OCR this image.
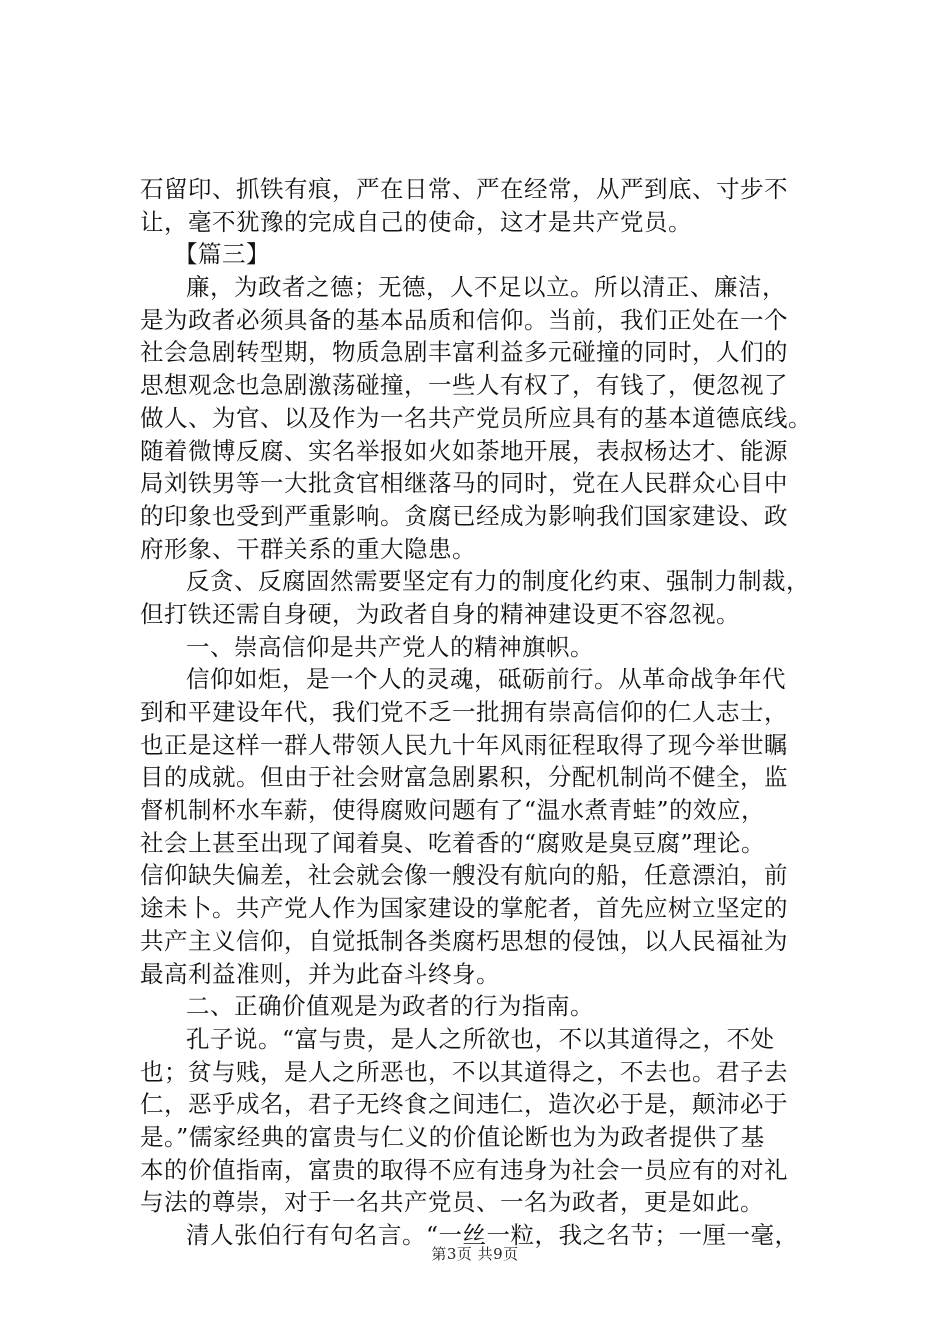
石留印、抓铁有痕，严在日常、严在经常，从严到底、寸步不
让，毫不犹豫的完成自己的使命，这才是共产党员。
【篇三】
廉，为政者之德；无德，人不足以立。所以清正、廉洁，
是为政者必须具备的基本品质和信仰。当前，我们正处在一个
社会急剧转型期，物质急剧丰富利益多元碰撞的同时，人们的
思想观念也急剧激荡碰撞，一些人有权了，有钱了，便忽视了
做人、为官、以及作为一名共产党员所应具有的基本道德底线。
随着微博反腐、实名举报如火如荼地开展，表叔杨达才、能源
局刘铁男等一大批贪官相继落马的同时，党在人民群众心目中
的印象也受到严重影响。贪腐已经成为影响我们国家建设、政
府形象、干群关系的重大隐患。
反贪、反腐固然需要坚定有力的制度化约束、强制力制裁，
但打铁还需自身硬，为政者自身的精神建设更不容忽视。
一、崇高信仰是共产党人的精神旗帜。
信仰如炬，是一个人的灵魂，砥砺前行。从革命战争年代
到和平建设年代，我们党不乏一批拥有崇高信仰的仁人志士，
也正是这样一群人带领人民九十年风雨征程取得了现今举世瞩
目的成就。但由于社会财富急剧累积，分配机制尚不健全，监
督机制杯水车薪，使得腐败问题有了“温水煮青蛙”的效应，
社会上甚至出现了闻着臭、吃着香的“腐败是臭豆腐”理论。
信仰缺失偏差，社会就会像一艘没有航向的船，任意漂泊，前
途未卜。共产党人作为国家建设的掌舵者，首先应树立坚定的
共产主义信仰，自觉抵制各类腐朽思想的侵蚀，以人民福祉为
最高利益准则，并为此奋斗终身。
二、正确价值观是为政者的行为指南。
孔子说。“富与贵，是人之所欲也，不以其道得之，不处
也；贫与贱，是人之所恶也，不以其道得之，不去也。君子去
仁，恶乎成名，君子无终食之间违仁，造次必于是，颠沛必于
是。”儒家经典的富贵与仁义的价值论断也为为政者提供了基
本的价值指南，富贵的取得不应有违身为社会一员应有的对礼
与法的尊崇，对于一名共产党员、一名为政者，更是如此。
清人张伯行有句名言。“一丝一粒，我之名节；一厘一毫，
第3页 共9页
